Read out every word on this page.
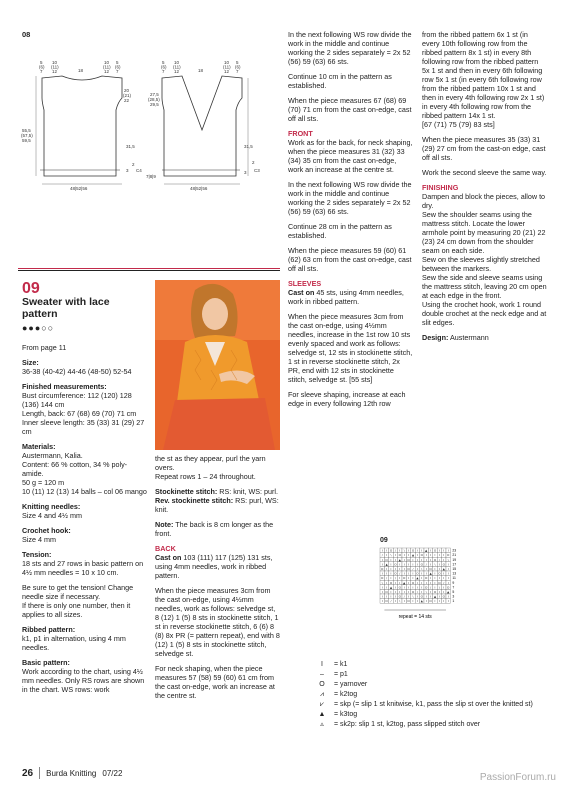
08
5
(6)
7
10
(11)
12	18
10
(11)
12
5
(6)
7
5
(6)
7
10
(11)
12	18
10
(11)
12
5
(6)
7
20
(21)
22
27,5
(28,5)
29,5
55,5
(57,5)
59,5
31,5	31,5
3	3
2	2
C4	C3
7|8|9
48|52|56	48|52|56
09
Sweater with lace pattern
●●●○○

From page 11

Size:

36-38 (40-42) 44-46 (48-50) 52-54

Finished measurements:
Bust circumference: 112 (120) 128 (136) 144 cm
Length, back: 67 (68) 69 (70) 71 cm

Inner sleeve length: 35 (33) 31 (29) 27 cm

Materials:
Austermann, Kalia.
Content: 66 % cotton, 34 % poly-amide.
50 g = 120 m

10 (11) 12 (13) 14 balls – col 06 mango

Knitting needles:

Size 4 and 4½ mm

Crochet hook:

Size 4 mm

Tension:

18 sts and 27 rows in basic pattern on 4½ mm needles = 10 x 10 cm.

Be sure to get the tension! Change needle size if necessary.

If there is only one number, then it applies to all sizes.

Ribbed pattern:

k1, p1 in alternation, using 4 mm needles.

Basic pattern:
Work according to the chart, using 4½ mm needles. Only RS rows are shown in the chart. WS rows: work
the st as they appear, purl the yarn overs.

Repeat rows 1 – 24 throughout.

Stockinette stitch: RS: knit, WS: purl.

Rev. stockinette stitch: RS: purl, WS: knit.

Note: The back is 8 cm longer as the front.

BACK

Cast on 103 (111) 117 (125) 131 sts, using 4mm needles, work in ribbed pattern.

When the piece measures 3cm from the cast on-edge, using 4½mm needles, work as follows: selvedge st, 8 (12) 1 (5) 8 sts in stockinette stitch, 1 st in reverse stockinette stitch, 6 (6) 8 (8) 8x PR (= pattern repeat), end with 8 (12) 1 (5) 8 sts in stockinette stitch, selvedge st.

For neck shaping, when the piece measures 57 (58) 59 (60) 61 cm from the cast on-edge, work an increase at the centre st.

In the next following WS row divide the work in the middle and continue working the 2 sides separately = 2x 52 (56) 59 (63) 66 sts.

Continue 10 cm in the pattern as established.

When the piece measures 67 (68) 69 (70) 71 cm from the cast on-edge, cast off all sts.

FRONT

Work as for the back, for neck shaping, when the piece measures 31 (32) 33 (34) 35 cm from the cast on-edge, work an increase at the centre st.

In the next following WS row divide the work in the middle and continue working the 2 sides separately = 2x 52 (56) 59 (63) 66 sts.

Continue 28 cm in the pattern as established.

When the piece measures 59 (60) 61 (62) 63 cm from the cast on-edge, cast off all sts.

SLEEVES

Cast on 45 sts, using 4mm needles, work in ribbed pattern.

When the piece measures 3cm from the cast on-edge, using 4½mm needles, increase in the 1st row 10 sts evenly spaced and work as follows: selvedge st, 12 sts in stockinette stitch, 1 st in reverse stockinette stitch, 2x PR, end with 12 sts in stockinette stitch, selvedge st. [55 sts]

For sleeve shaping, increase at each edge in every following 12th row

from the ribbed pattern 6x 1 st (in every 10th following row from the ribbed pattern 8x 1 st) in every 8th following row from the ribbed pattern 5x 1 st and then in every 6th following row 5x 1 st (in every 6th following row from the ribbed pattern 10x 1 st and then in every 4th following row 2x 1 st) in every 4th following row from the ribbed pattern 14x 1 st.

[67 (71) 75 (79) 83 sts]

When the piece measures 35 (33) 31 (29) 27 cm from the cast-on edge, cast off all sts.

Work the second sleeve the same way.

FINISHING
Dampen and block the pieces, allow to dry.
Sew the shoulder seams using the mattress stitch. Locate the lower armhole point by measuring 20 (21) 22 (23) 24 cm down from the shoulder seam on each side.
Sew on the sleeves slightly stretched between the markers.
Sew the side and sleeve seams using the mattress stitch, leaving 20 cm open at each edge in the front.

Using the crochet hook, work 1 round double crochet at the neck edge and at slit edges.

Design: Austermann

09
I I O /	I \	I O I I ▲ I O I I I 23
/	I \	I O I I ▲ I O I I I I I O 21
I O I I ▲ I O I I I I I O /	I \ 19
I ▲ I O I I I I I O /	I \	I O I 17
O I I I I I O /	I \	I O I I ▲ I 15
I I I O /	I \	I O I I ▲ I O I I 13
O /	I \	I O I I ▲ I O I I I I I 11
\	I O I I ▲ I O I I I I I O /	I 9
I I ▲ I O I I I I I O /	I \	I O 7
I O I I I I I O /	I \	I O I I ▲ 5
I I I I O /	I \	I O I I ▲ I O I 3
I O /	I \	I O I I ▲ I O I I I I 1
repeat = 14 sts
I	= k1
–	= p1
O	= yarnover
⩘	= k2tog
⩗	= skp (= slip 1 st knitwise, k1, pass the slip st over the knitted st)
▲	= k3tog
▵	= sk2p: slip 1 st, k2tog, pass slipped stitch over
26 Burda Knitting 07/22	PassionForum.ru
